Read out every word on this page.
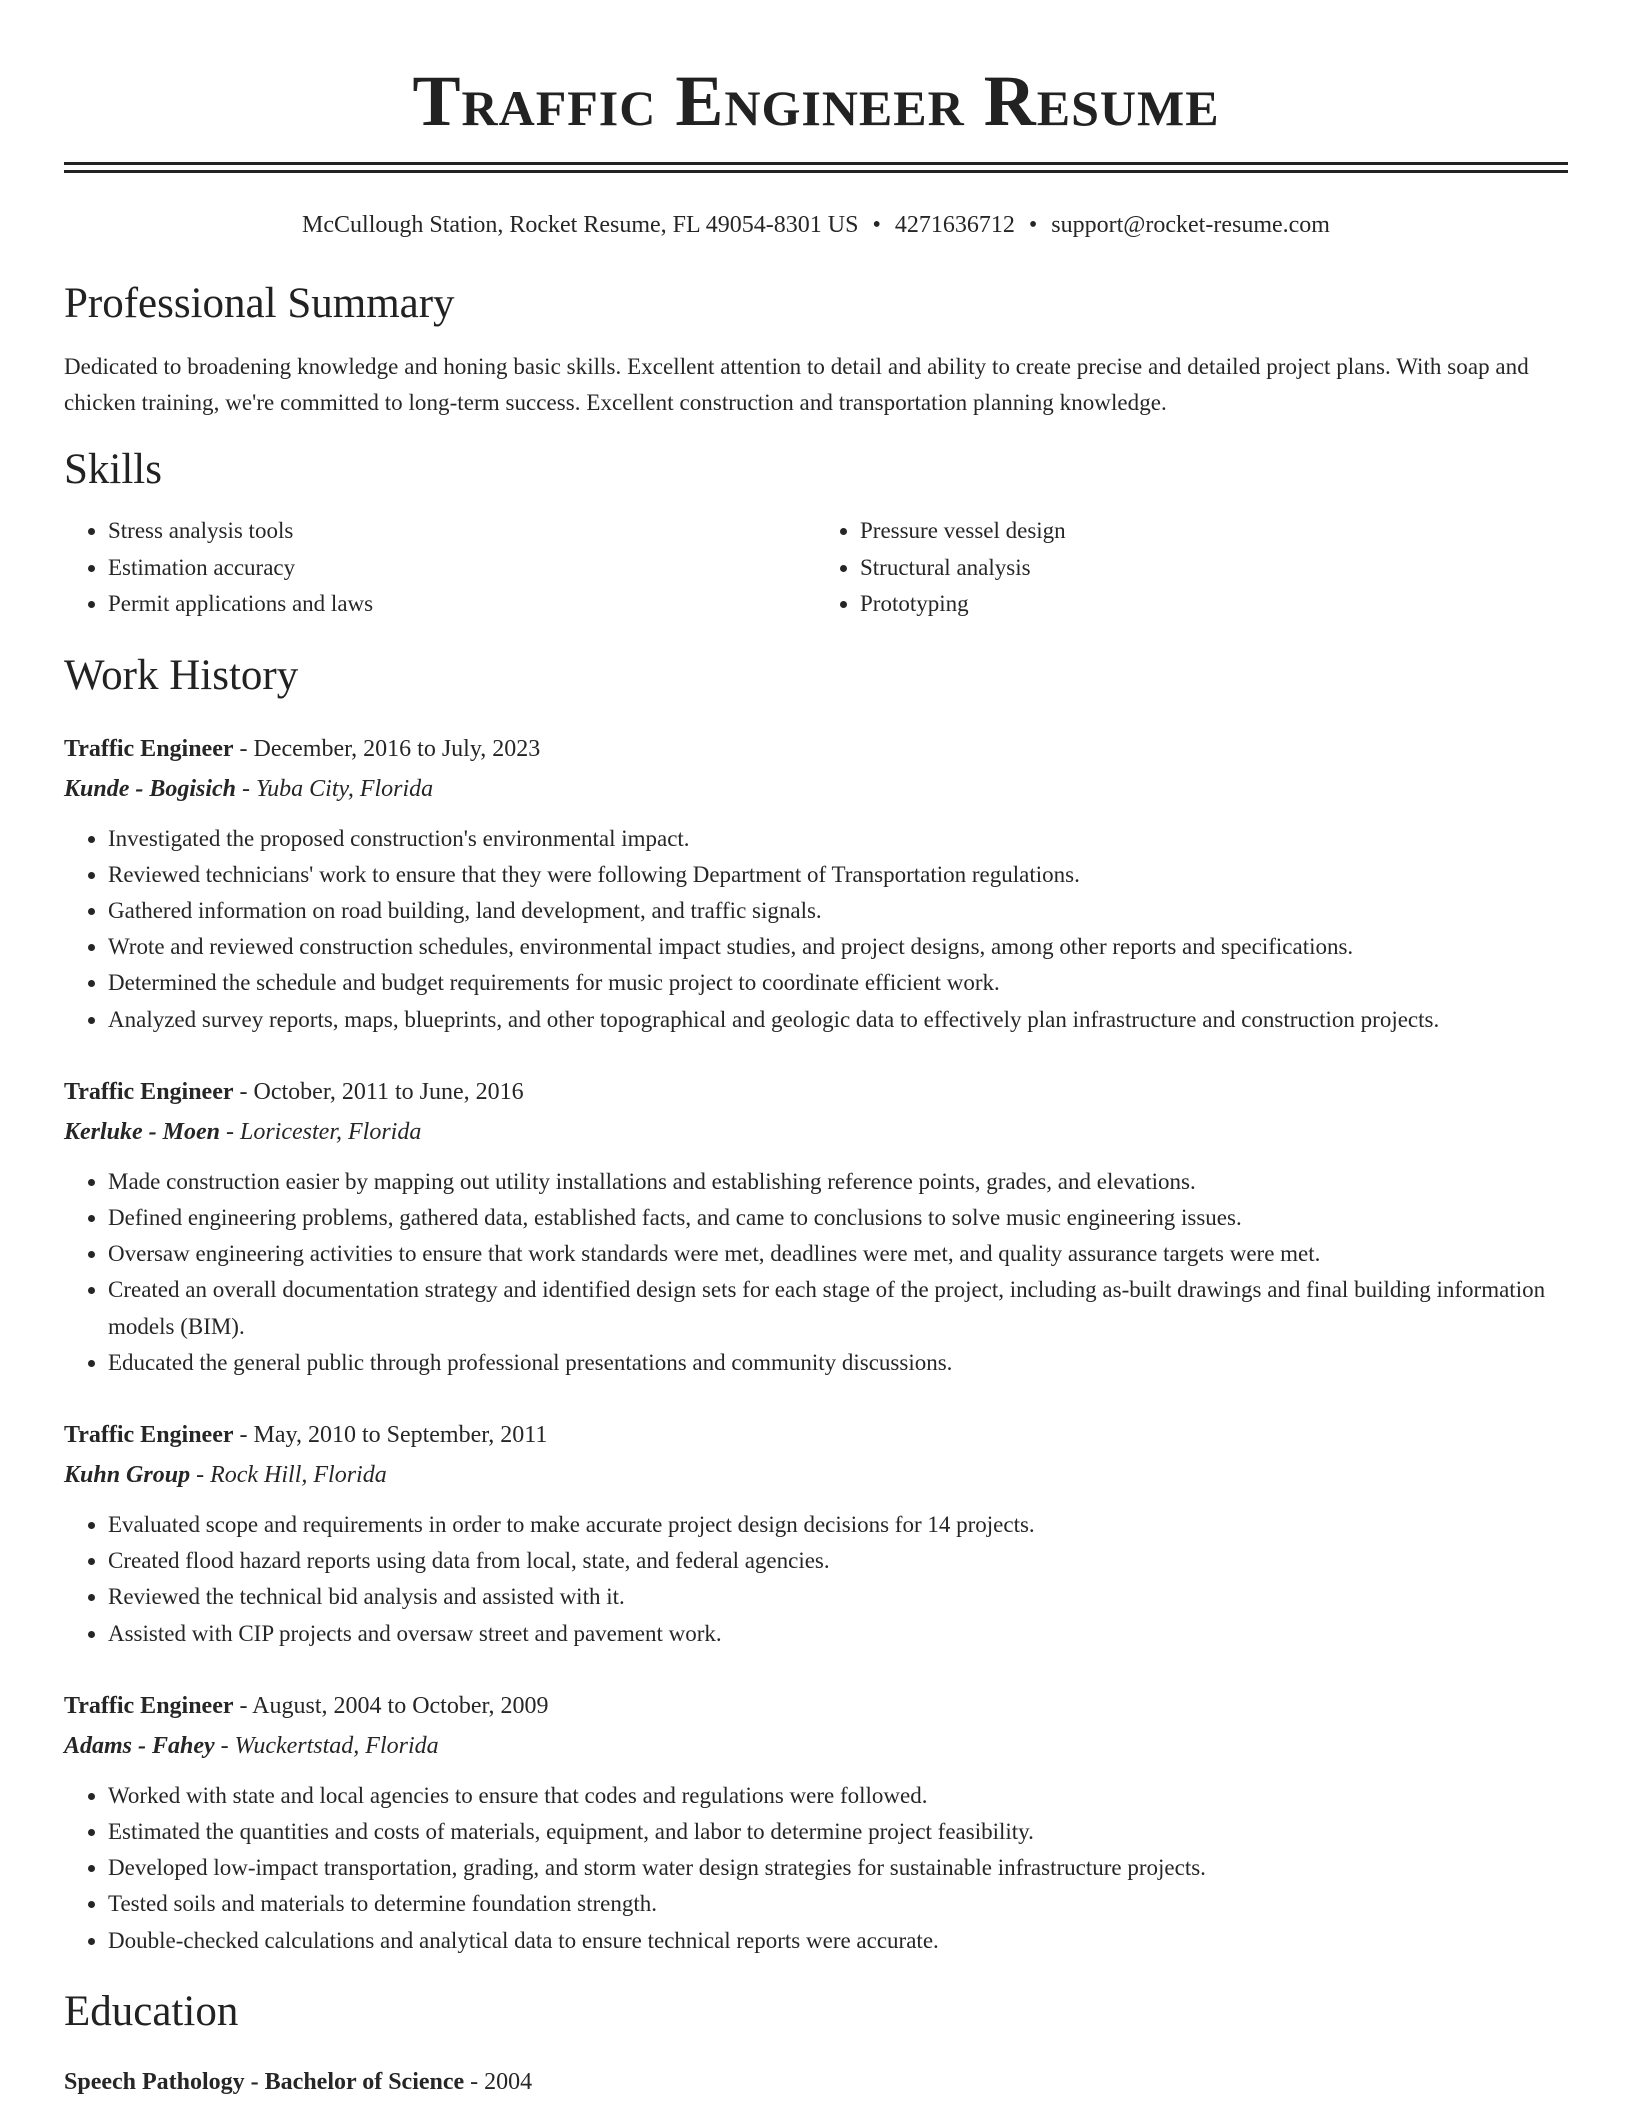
Traffic Engineer Resume
McCullough Station, Rocket Resume, FL 49054-8301 US • 4271636712 • support@rocket-resume.com
Professional Summary

Dedicated to broadening knowledge and honing basic skills. Excellent attention to detail and ability to create precise and detailed project plans. With soap and chicken training, we're committed to long-term success. Excellent construction and transportation planning knowledge.

Skills
• Stress analysis tools
• Estimation accuracy
• Permit applications and laws
• Pressure vessel design
• Structural analysis
• Prototyping
Work History
Traffic Engineer - December, 2016 to July, 2023
Kunde - Bogisich - Yuba City, Florida
• Investigated the proposed construction's environmental impact.
• Reviewed technicians' work to ensure that they were following Department of Transportation regulations.
• Gathered information on road building, land development, and traffic signals.
• Wrote and reviewed construction schedules, environmental impact studies, and project designs, among other reports and specifications.
• Determined the schedule and budget requirements for music project to coordinate efficient work.
• Analyzed survey reports, maps, blueprints, and other topographical and geologic data to effectively plan infrastructure and construction projects.
Traffic Engineer - October, 2011 to June, 2016
Kerluke - Moen - Loricester, Florida
• Made construction easier by mapping out utility installations and establishing reference points, grades, and elevations.
• Defined engineering problems, gathered data, established facts, and came to conclusions to solve music engineering issues.
• Oversaw engineering activities to ensure that work standards were met, deadlines were met, and quality assurance targets were met.
• Created an overall documentation strategy and identified design sets for each stage of the project, including as-built drawings and final building information models (BIM).
• Educated the general public through professional presentations and community discussions.
Traffic Engineer - May, 2010 to September, 2011
Kuhn Group - Rock Hill, Florida
• Evaluated scope and requirements in order to make accurate project design decisions for 14 projects.
• Created flood hazard reports using data from local, state, and federal agencies.
• Reviewed the technical bid analysis and assisted with it.
• Assisted with CIP projects and oversaw street and pavement work.
Traffic Engineer - August, 2004 to October, 2009
Adams - Fahey - Wuckertstad, Florida
• Worked with state and local agencies to ensure that codes and regulations were followed.
• Estimated the quantities and costs of materials, equipment, and labor to determine project feasibility.
• Developed low-impact transportation, grading, and storm water design strategies for sustainable infrastructure projects.
• Tested soils and materials to determine foundation strength.
• Double-checked calculations and analytical data to ensure technical reports were accurate.
Education
Speech Pathology - Bachelor of Science - 2004
